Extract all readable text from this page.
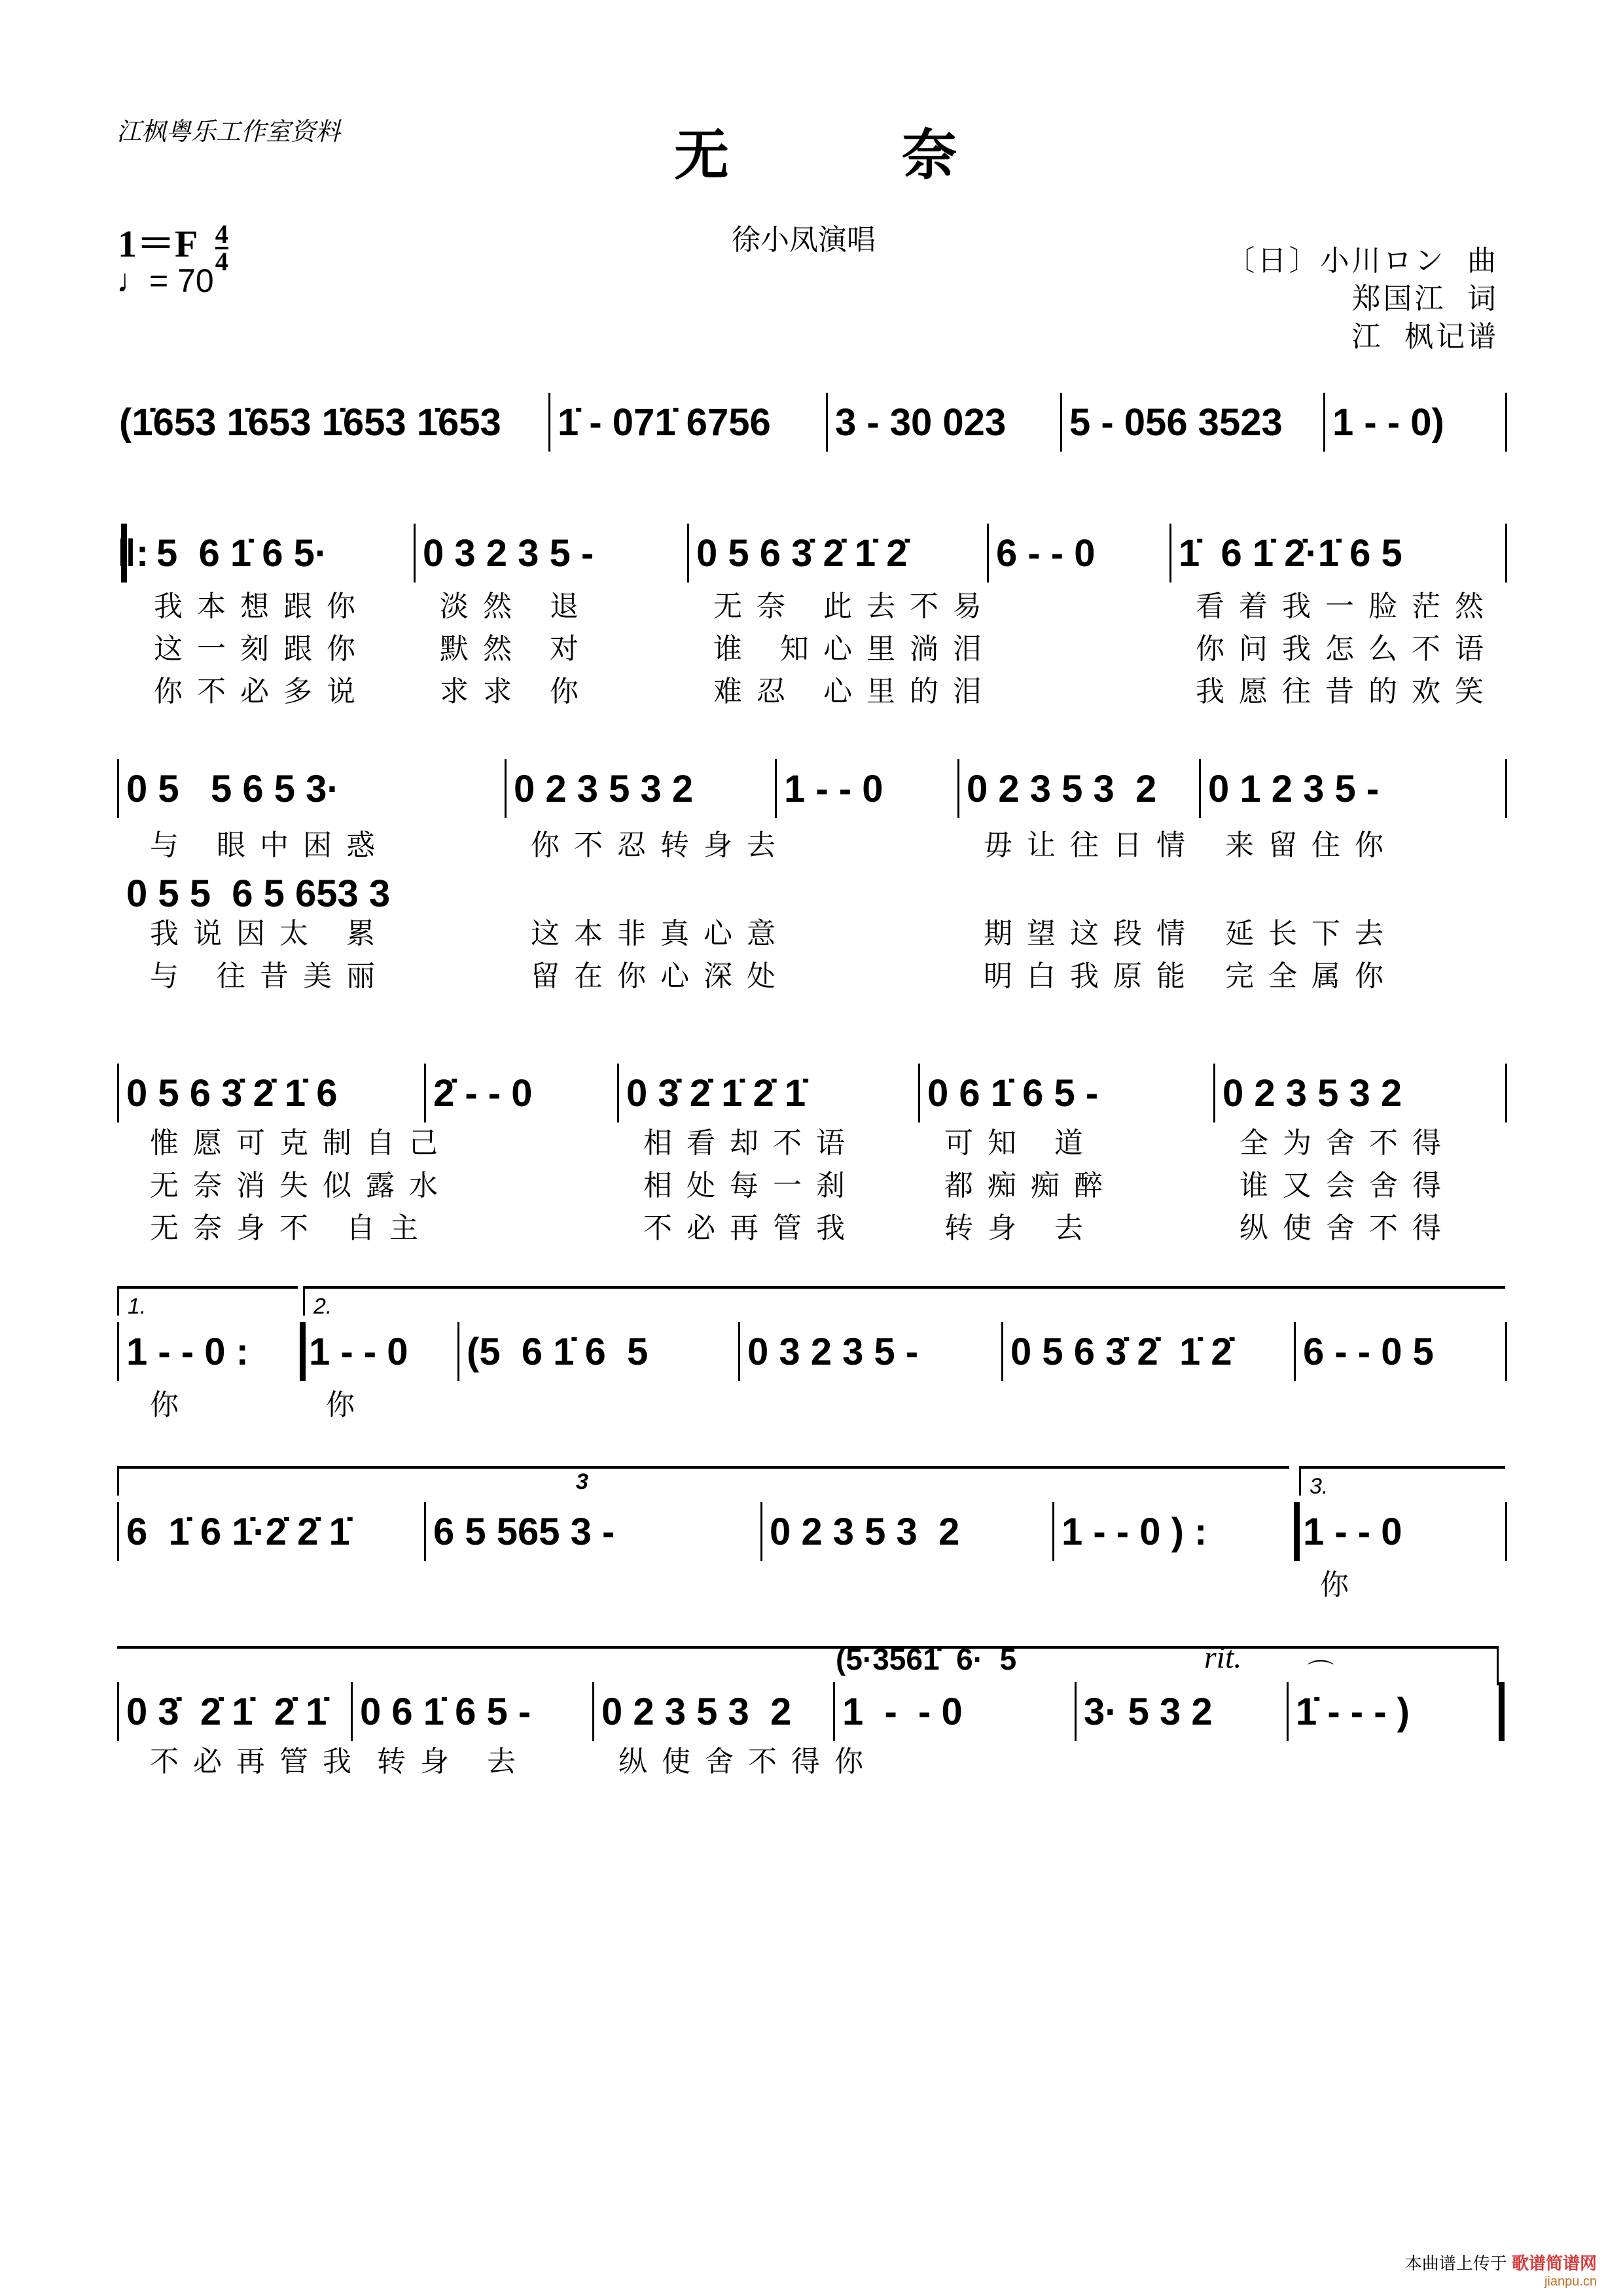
江枫粤乐工作室资料	无	奈
$1=F \frac{4}{4}$
♩= 70
徐小凤演唱
〔日〕小川ロン  曲
郑国江  词
江  枫记谱
(1̇653 1̇653 1̇653 1̇653	1̇ - 071̇ 6756	3 - 30 023	5 - 056 3523	1 - - 0)
5  6 1̇ 6 5·	0 3 2 3 5 -	0 5 6 3̇ 2̇ 1̇ 2̇	6 - - 0	1̇  6 1̇ 2̇·1̇ 6 5
‖:
我本想跟你 淡然 退	无奈 此去不易	看着我一脸茫然
这一刻跟你 默然 对	谁 知心里淌泪	你问我怎么不语
你不必多说 求求 你	难忍 心里的泪	我愿往昔的欢笑
0 5   5 6 5 3·	0 2 3 5 3 2	1 - - 0	0 2 3 5 3  2	0 1 2 3 5 -
与 眼中困惑	你不忍转身去	毋让往日情 来留住你
0 5 5  6 5 653 3
我说因太 累	这本非真心意	期望这段情 延长下去
与 往昔美丽	留在你心深处	明白我原能 完全属你
0 5 6 3̇ 2̇ 1̇ 6	2̇ - - 0	0 3̇ 2̇ 1̇ 2̇ 1̇	0 6 1̇ 6 5 -	0 2 3 5 3 2
惟愿可克制自己	相看却不语	可知 道	全为舍不得
无奈消失似露水	相处每一刹	都痴痴醉	谁又会舍得
无奈身不 自主	不必再管我	转身 去	纵使舍不得
1 - - 0 :	1 - - 0	(5  6 1̇ 6  5	0 3 2 3 5 -	0 5 6 3̇ 2̇  1̇ 2̇	6 - - 0 5
你	你
1.	2.
6  1̇ 6 1̇·2̇ 2̇ 1̇	6 5 565 3 -	0 2 3 5 3  2	1 - - 0 ) :	1 - - 0
你
3.
3
0 3̇  2̇ 1̇  2̇ 1̇ 0 6 1̇ 6 5 -	0 2 3 5 3  2	1  -  - 0	3· 5 3 2	1̇ - - - )
不必再管我 转身 去	纵使舍不得你
(5·3561̇  6·  5	rit.	⌒
本曲谱上传于 歌谱简谱网
jianpu.cn
